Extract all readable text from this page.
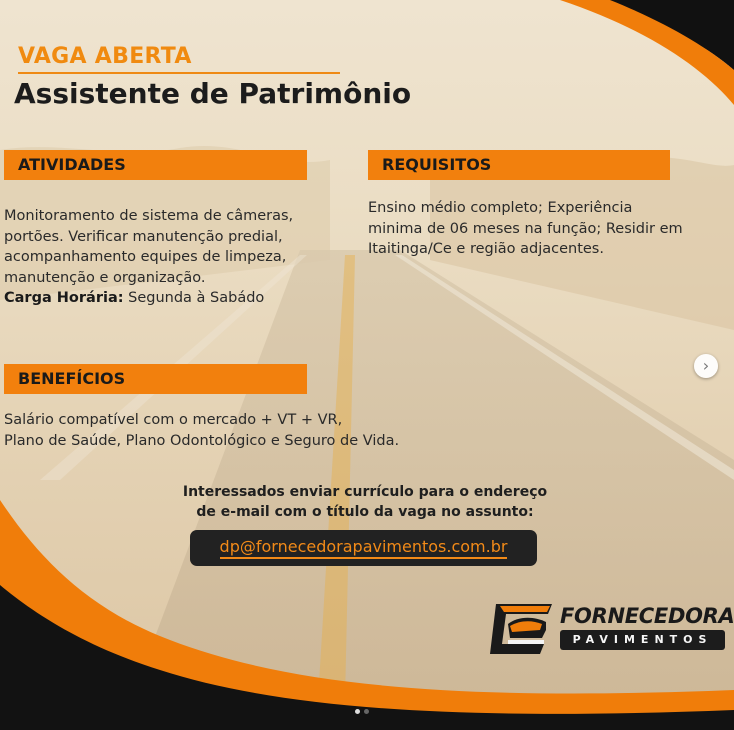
VAGA ABERTA
Assistente de Patrimônio
ATIVIDADES
Monitoramento de sistema de câmeras, portões. Verificar manutenção predial, acompanhamento equipes de limpeza, manutenção e organização.
Carga Horária: Segunda à Sabádo
REQUISITOS
Ensino médio completo; Experiência minima de 06 meses na função; Residir em Itaitinga/Ce e região adjacentes.
BENEFÍCIOS
Salário compatível com o mercado + VT + VR,
Plano de Saúde, Plano Odontológico e Seguro de Vida.
Interessados enviar currículo para o endereço
de e-mail com o título da vaga no assunto:
dp@fornecedorapavimentos.com.br
›
FORNECEDORA
PAVIMENTOS
